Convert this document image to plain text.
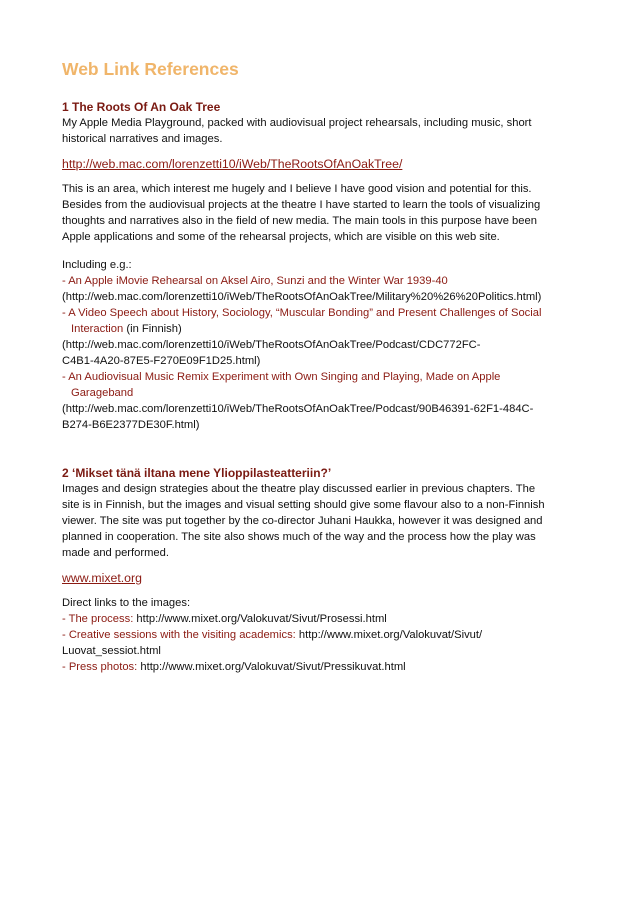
Web Link References
1 The Roots Of An Oak Tree

My Apple Media Playground, packed with audiovisual project rehearsals, including music, short
historical narratives and images.

http://web.mac.com/lorenzetti10/iWeb/TheRootsOfAnOakTree/

This is an area, which interest me hugely and I believe I have good vision and potential for this.
Besides from the audiovisual projects at the theatre I have started to learn the tools of visualizing
thoughts and narratives also in the field of new media. The main tools in this purpose have been
Apple applications and some of the rehearsal projects, which are visible on this web site.

Including e.g.:

- An Apple iMovie Rehearsal on Aksel Airo, Sunzi and the Winter War 1939-40

(http://web.mac.com/lorenzetti10/iWeb/TheRootsOfAnOakTree/Military%20%26%20Politics.html)

- A Video Speech about History, Sociology, “Muscular Bonding” and Present Challenges of Social

Interaction (in Finnish)

(http://web.mac.com/lorenzetti10/iWeb/TheRootsOfAnOakTree/Podcast/CDC772FC-

C4B1-4A20-87E5-F270E09F1D25.html)

- An Audiovisual Music Remix Experiment with Own Singing and Playing, Made on Apple

Garageband

(http://web.mac.com/lorenzetti10/iWeb/TheRootsOfAnOakTree/Podcast/90B46391-62F1-484C-

B274-B6E2377DE30F.html)

2 ‘Mikset tänä iltana mene Ylioppilasteatteriin?’

Images and design strategies about the theatre play discussed earlier in previous chapters. The
site is in Finnish, but the images and visual setting should give some flavour also to a non-Finnish
viewer. The site was put together by the co-director Juhani Haukka, however it was designed and
planned in cooperation. The site also shows much of the way and the process how the play was
made and performed.

www.mixet.org

Direct links to the images:

- The process: http://www.mixet.org/Valokuvat/Sivut/Prosessi.html

- Creative sessions with the visiting academics: http://www.mixet.org/Valokuvat/Sivut/

Luovat_sessiot.html

- Press photos: http://www.mixet.org/Valokuvat/Sivut/Pressikuvat.html
